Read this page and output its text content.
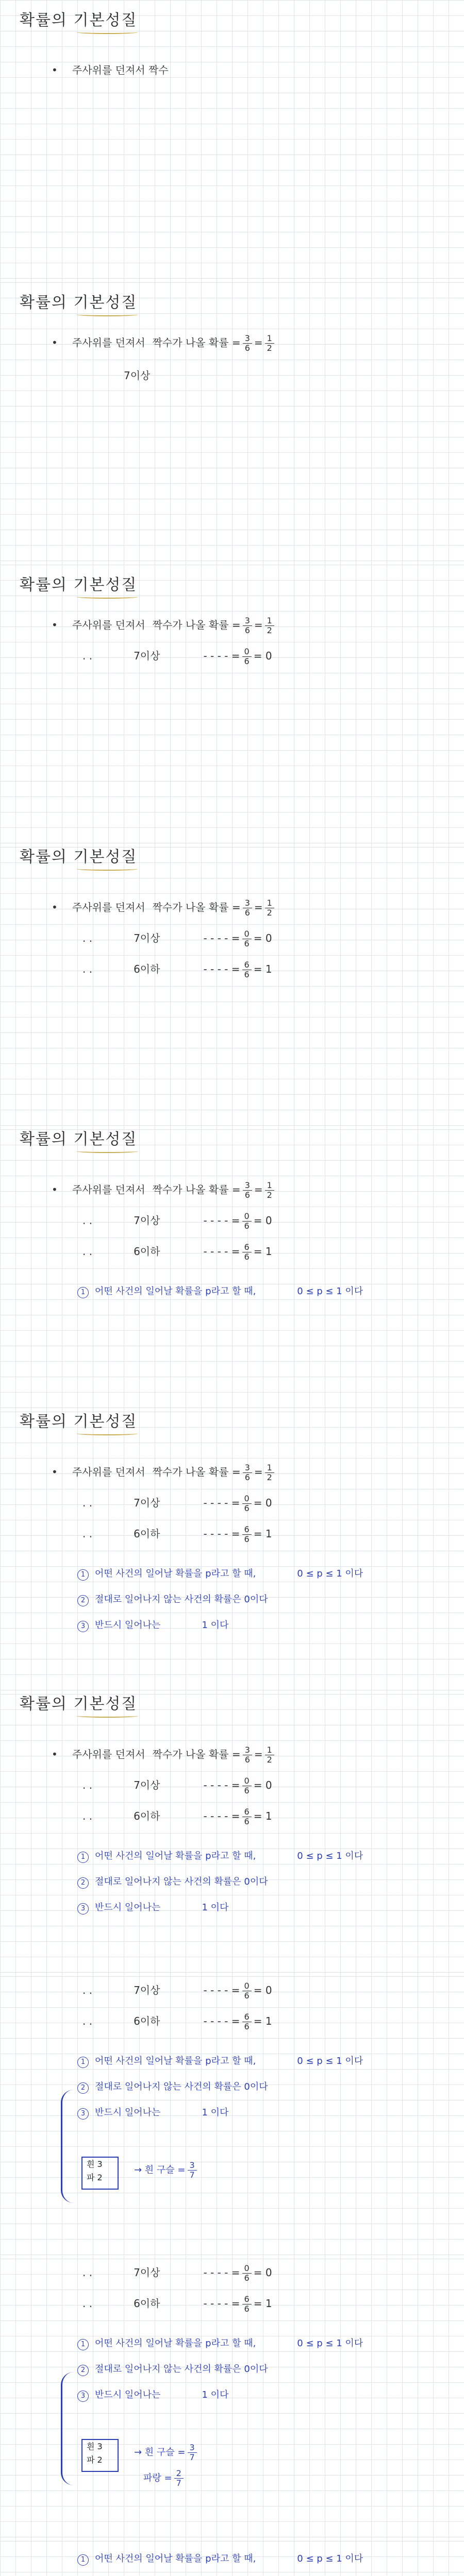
확률의 기본성질
• 주사위를 던져서 짝수
확률의 기본성질
• 주사위를 던져서 짝수가 나올 확률 = $\frac{3}{6} = \frac{1}{2}$
7이상
확률의 기본성질
• 주사위를 던져서 짝수가 나올 확률 = $\frac{3}{6} = \frac{1}{2}$
. .	7이상	- - - - = $\frac{0}{6} = 0$
확률의 기본성질
• 주사위를 던져서 짝수가 나올 확률 = $\frac{3}{6} = \frac{1}{2}$
. .	7이상	- - - - = $\frac{0}{6} = 0$
. .	6이하	- - - - = $\frac{6}{6} = 1$
확률의 기본성질
• 주사위를 던져서 짝수가 나올 확률 = $\frac{3}{6} = \frac{1}{2}$
. .	7이상	- - - - = $\frac{0}{6} = 0$
. .	6이하	- - - - = $\frac{6}{6} = 1$
1 어떤 사건의 일어날 확률을 p라고 할 때,	0 ≤ p ≤ 1 이다
확률의 기본성질
• 주사위를 던져서 짝수가 나올 확률 = $\frac{3}{6} = \frac{1}{2}$
. .	7이상	- - - - = $\frac{0}{6} = 0$
. .	6이하	- - - - = $\frac{6}{6} = 1$
1 어떤 사건의 일어날 확률을 p라고 할 때,	0 ≤ p ≤ 1 이다
2 절대로 일어나지 않는 사건의 확률은 0이다
3 반드시 일어나는	1 이다
확률의 기본성질
• 주사위를 던져서 짝수가 나올 확률 = $\frac{3}{6} = \frac{1}{2}$
. .	7이상	- - - - = $\frac{0}{6} = 0$
. .	6이하	- - - - = $\frac{6}{6} = 1$
1 어떤 사건의 일어날 확률을 p라고 할 때,	0 ≤ p ≤ 1 이다
2 절대로 일어나지 않는 사건의 확률은 0이다
3 반드시 일어나는	1 이다
. .	7이상	- - - - = $\frac{0}{6} = 0$
. .	6이하	- - - - = $\frac{6}{6} = 1$
1 어떤 사건의 일어날 확률을 p라고 할 때,	0 ≤ p ≤ 1 이다
2 절대로 일어나지 않는 사건의 확률은 0이다
3 반드시 일어나는	1 이다
흰 3
파 2
→ 흰 구슬 = $\frac{3}{7}$
. .	7이상	- - - - = $\frac{0}{6} = 0$
. .	6이하	- - - - = $\frac{6}{6} = 1$
1 어떤 사건의 일어날 확률을 p라고 할 때,	0 ≤ p ≤ 1 이다
2 절대로 일어나지 않는 사건의 확률은 0이다
3 반드시 일어나는	1 이다
흰 3
파 2
→ 흰 구슬 = $\frac{3}{7}$
파랑 = $\frac{2}{7}$
1 어떤 사건의 일어날 확률을 p라고 할 때,	0 ≤ p ≤ 1 이다
